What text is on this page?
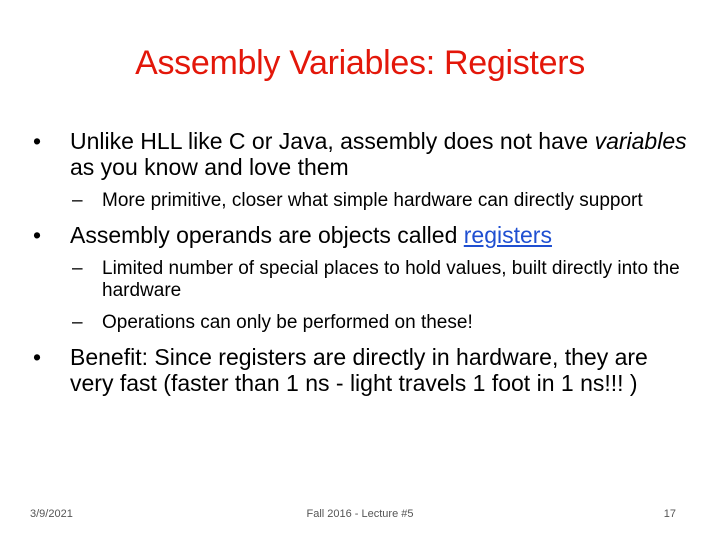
Assembly Variables: Registers
• Unlike HLL like C or Java, assembly does not have variables as you know and love them
– More primitive, closer what simple hardware can directly support
• Assembly operands are objects called registers
– Limited number of special places to hold values, built directly into the hardware
– Operations can only be performed on these!
• Benefit: Since registers are directly in hardware, they are very fast (faster than 1 ns - light travels 1 foot in 1 ns!!! )
3/9/2021	Fall 2016 - Lecture #5	17
